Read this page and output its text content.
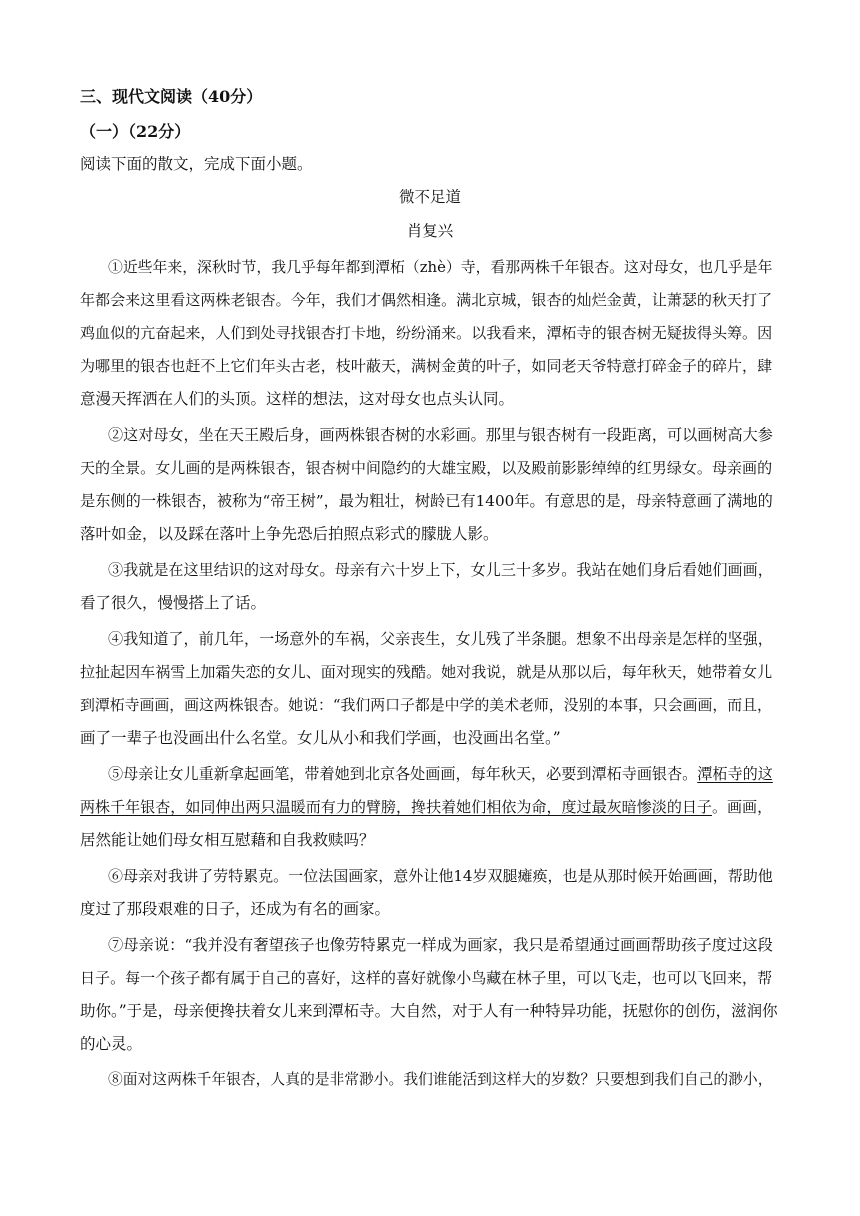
三、现代文阅读（40分）
（一）（22分）
阅读下面的散文，完成下面小题。
微不足道
肖复兴
①近些年来，深秋时节，我几乎每年都到潭柘（zhè）寺，看那两株千年银杏。这对母女，也几乎是年
年都会来这里看这两株老银杏。今年，我们才偶然相逢。满北京城，银杏的灿烂金黄，让萧瑟的秋天打了
鸡血似的亢奋起来，人们到处寻找银杏打卡地，纷纷涌来。以我看来，潭柘寺的银杏树无疑拔得头筹。因
为哪里的银杏也赶不上它们年头古老，枝叶蔽天，满树金黄的叶子，如同老天爷特意打碎金子的碎片，肆
意漫天挥洒在人们的头顶。这样的想法，这对母女也点头认同。
②这对母女，坐在天王殿后身，画两株银杏树的水彩画。那里与银杏树有一段距离，可以画树高大参
天的全景。女儿画的是两株银杏，银杏树中间隐约的大雄宝殿，以及殿前影影绰绰的红男绿女。母亲画的
是东侧的一株银杏，被称为“帝王树”，最为粗壮，树龄已有1400年。有意思的是，母亲特意画了满地的
落叶如金，以及踩在落叶上争先恐后拍照点彩式的朦胧人影。
③我就是在这里结识的这对母女。母亲有六十岁上下，女儿三十多岁。我站在她们身后看她们画画，
看了很久，慢慢搭上了话。
④我知道了，前几年，一场意外的车祸，父亲丧生，女儿残了半条腿。想象不出母亲是怎样的坚强，
拉扯起因车祸雪上加霜失恋的女儿、面对现实的残酷。她对我说，就是从那以后，每年秋天，她带着女儿
到潭柘寺画画，画这两株银杏。她说：“我们两口子都是中学的美术老师，没别的本事，只会画画，而且，
画了一辈子也没画出什么名堂。女儿从小和我们学画，也没画出名堂。”
⑤母亲让女儿重新拿起画笔，带着她到北京各处画画，每年秋天，必要到潭柘寺画银杏。潭柘寺的这
两株千年银杏，如同伸出两只温暖而有力的臂膀，搀扶着她们相依为命，度过最灰暗惨淡的日子。画画，
居然能让她们母女相互慰藉和自我救赎吗？
⑥母亲对我讲了劳特累克。一位法国画家，意外让他14岁双腿瘫痪，也是从那时候开始画画，帮助他
度过了那段艰难的日子，还成为有名的画家。
⑦母亲说：“我并没有奢望孩子也像劳特累克一样成为画家，我只是希望通过画画帮助孩子度过这段
日子。每一个孩子都有属于自己的喜好，这样的喜好就像小鸟藏在林子里，可以飞走，也可以飞回来，帮
助你。”于是，母亲便搀扶着女儿来到潭柘寺。大自然，对于人有一种特异功能，抚慰你的创伤，滋润你
的心灵。
⑧面对这两株千年银杏，人真的是非常渺小。我们谁能活到这样大的岁数？只要想到我们自己的渺小，
